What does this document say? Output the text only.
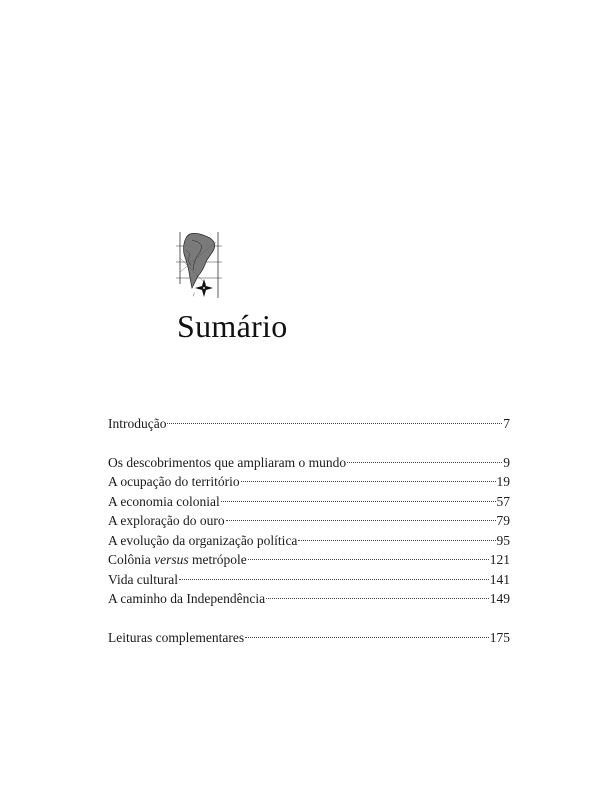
/
Sumário
Introdução	7
Os descobrimentos que ampliaram o mundo	9
A ocupação do território	19
A economia colonial	57
A exploração do ouro	79
A evolução da organização política	95
Colônia versus metrópole	121
Vida cultural	141
A caminho da Independência	149
Leituras complementares	175
